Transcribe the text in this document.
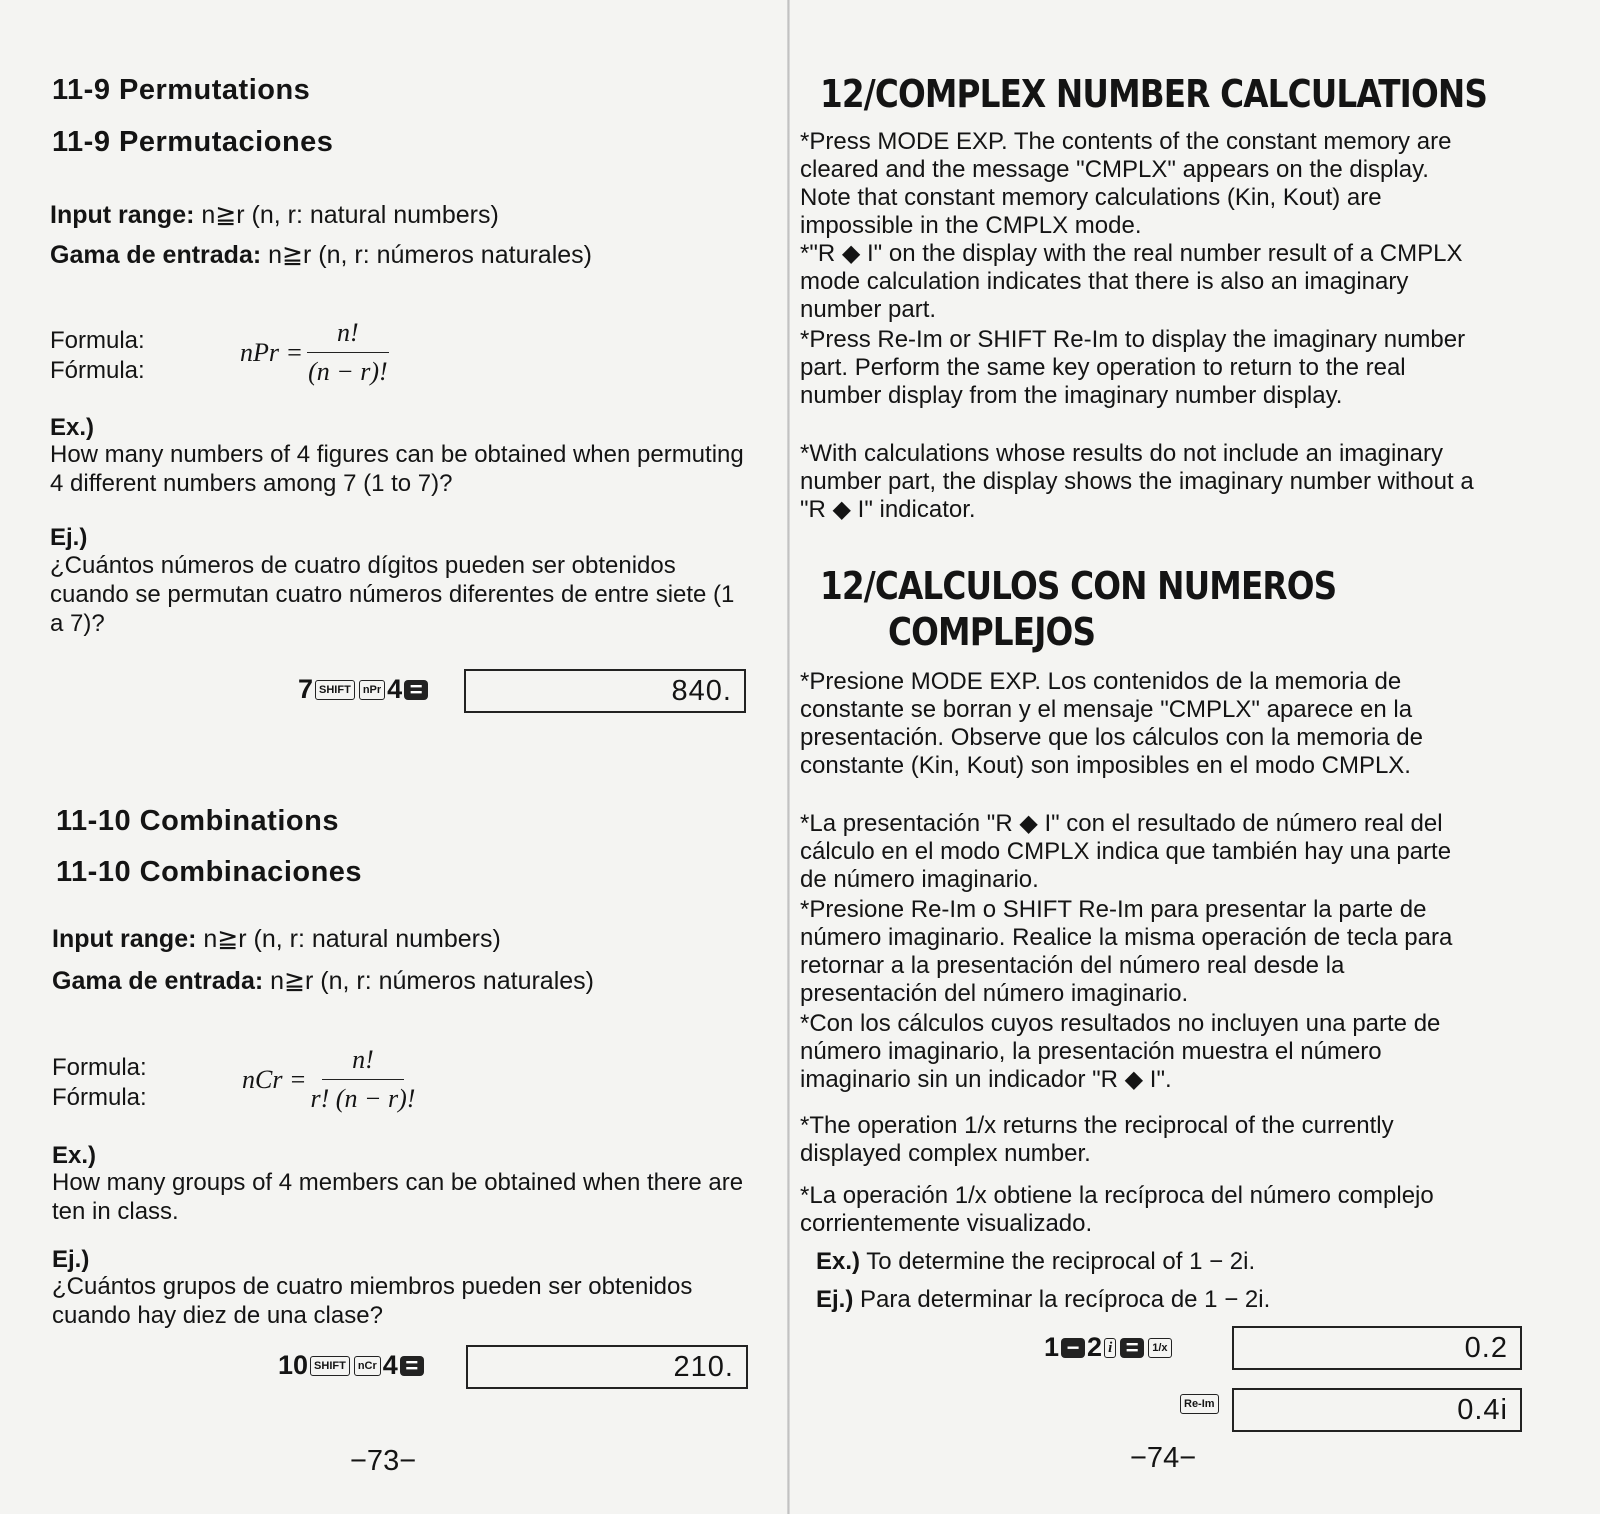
11-9 Permutations
11-9 Permutaciones
Input range: n≧r (n, r: natural numbers)
Gama de entrada: n≧r (n, r: números naturales)
Formula:
Fórmula:
nPr = $\frac{n!}{(n - r)!}$
Ex.)
How many numbers of 4 figures can be obtained when permuting 4 different numbers among 7 (1 to 7)?
Ej.)
¿Cuántos números de cuatro dígitos pueden ser obtenidos cuando se permutan cuatro números diferentes de entre siete (1 a 7)?
7 SHIFT	nPr 4 =	840.
11-10 Combinations
11-10 Combinaciones
Input range: n≧r (n, r: natural numbers)
Gama de entrada: n≧r (n, r: números naturales)
Formula:
Fórmula:
nCr = $\frac{n!}{r! (n - r)!}$
Ex.)
How many groups of 4 members can be obtained when there are ten in class.
Ej.)
¿Cuántos grupos de cuatro miembros pueden ser obtenidos cuando hay diez de una clase?
10 SHIFT	nCr 4 =	210.
−73−
12/COMPLEX NUMBER CALCULATIONS
*Press MODE EXP. The contents of the constant memory are cleared and the message "CMPLX" appears on the display. Note that constant memory calculations (Kin, Kout) are impossible in the CMPLX mode.
*"R ◆ I" on the display with the real number result of a CMPLX mode calculation indicates that there is also an imaginary number part.
*Press Re-Im or SHIFT Re-Im to display the imaginary number part. Perform the same key operation to return to the real number display from the imaginary number display.
*With calculations whose results do not include an imaginary number part, the display shows the imaginary number without a "R ◆ I" indicator.
12/CALCULOS CON NUMEROS
COMPLEJOS
*Presione MODE EXP. Los contenidos de la memoria de constante se borran y el mensaje "CMPLX" aparece en la presentación. Observe que los cálculos con la memoria de constante (Kin, Kout) son imposibles en el modo CMPLX.
*La presentación "R ◆ I" con el resultado de número real del cálculo en el modo CMPLX indica que también hay una parte de número imaginario.
*Presione Re-Im o SHIFT Re-Im para presentar la parte de número imaginario. Realice la misma operación de tecla para retornar a la presentación del número real desde la presentación del número imaginario.
*Con los cálculos cuyos resultados no incluyen una parte de número imaginario, la presentación muestra el número imaginario sin un indicador "R ◆ I".
*The operation 1/x returns the reciprocal of the currently displayed complex number.
*La operación 1/x obtiene la recíproca del número complejo corrientemente visualizado.
Ex.) To determine the reciprocal of 1 − 2i.
Ej.) Para determinar la recíproca de 1 − 2i.
1 − 2 i =	1/x	0.2
Re-Im	0.4i
−74−
